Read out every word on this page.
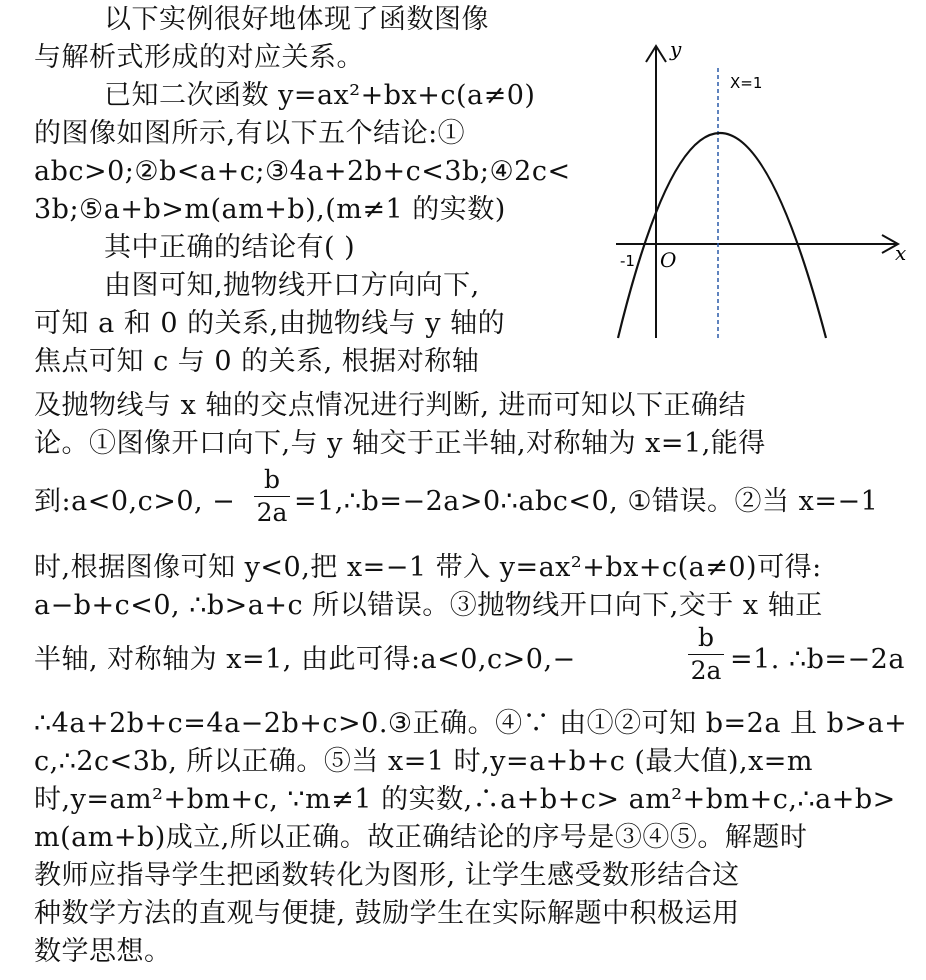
以下实例很好地体现了函数图像
与解析式形成的对应关系。
已知二次函数 y=ax²+bx+c(a≠0)
的图像如图所示,有以下五个结论:①
abc>0;②b<a+c;③4a+2b+c<3b;④2c<
3b;⑤a+b>m(am+b),(m≠1 的实数)
其中正确的结论有( )
由图可知,抛物线开口方向向下,
可知 a 和 0 的关系,由抛物线与 y 轴的
焦点可知 c 与 0 的关系, 根据对称轴
及抛物线与 x 轴的交点情况进行判断, 进而可知以下正确结
论。①图像开口向下,与 y 轴交于正半轴,对称轴为 x=1,能得
到:a<0,c>0, −
b
2a =1,∴b=−2a>0∴abc<0, ①错误。②当 x=−1
时,根据图像可知 y<0,把 x=−1 带入 y=ax²+bx+c(a≠0)可得:
a−b+c<0, ∴b>a+c 所以错误。③抛物线开口向下,交于 x 轴正
半轴, 对称轴为 x=1, 由此可得:a<0,c>0,−
b
2a =1. ∴b=−2a
∴4a+2b+c=4a−2b+c>0.③正确。④∵ 由①②可知 b=2a 且 b>a+
c,∴2c<3b, 所以正确。⑤当 x=1 时,y=a+b+c (最大值),x=m
时,y=am²+bm+c, ∵m≠1 的实数,∴a+b+c> am²+bm+c,∴a+b>
m(am+b)成立,所以正确。故正确结论的序号是③④⑤。解题时
教师应指导学生把函数转化为图形, 让学生感受数形结合这
种数学方法的直观与便捷, 鼓励学生在实际解题中积极运用
数学思想。
y
x
O
-1
X=1
